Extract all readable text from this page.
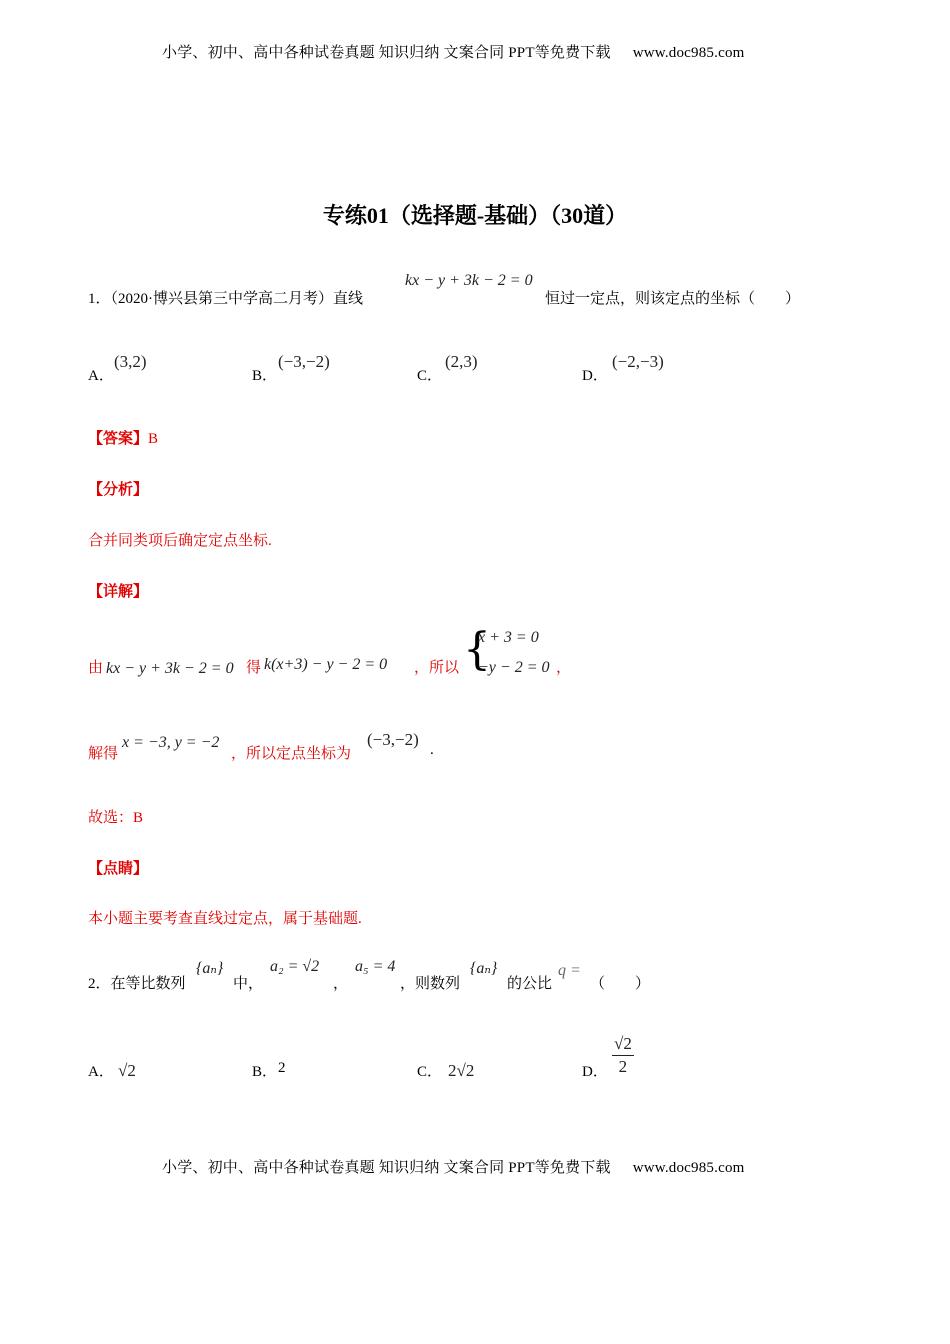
小学、初中、高中各种试卷真题 知识归纳 文案合同 PPT等免费下载 www.doc985.com
专练01（选择题-基础）（30道）
1．（2020·博兴县第三中学高二月考）直线
kx − y + 3k − 2 = 0
恒过一定点，则该定点的坐标（　　）
A．
(3,2)
B．
(−3,−2)
C．
(2,3)
D．
(−2,−3)
【答案】B
【分析】
合并同类项后确定定点坐标.
【详解】
由 kx − y + 3k − 2 = 0 得 k(x+3) − y − 2 = 0 ，所以 {
x + 3 = 0
−y − 2 = 0 ，
解得
x = −3, y = −2
，所以定点坐标为
(−3,−2)
.
故选：B
【点睛】
本小题主要考查直线过定点，属于基础题.
2．在等比数列
{aₙ}
中，
a₂ = √2
，
a₅ = 4
，则数列
{aₙ}
的公比
q =
（　　）
A． √2	B． 2	C． 2√2	D． $\frac{√2}{2}$
小学、初中、高中各种试卷真题 知识归纳 文案合同 PPT等免费下载 www.doc985.com
